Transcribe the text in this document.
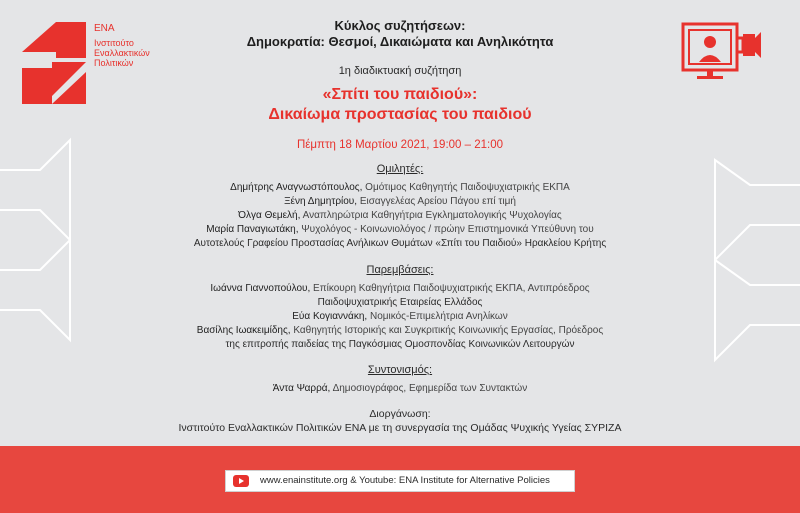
ΕΝΑ
Ινστιτούτο
Εναλλακτικών
Πολιτικών
Κύκλος συζητήσεων:
Δημοκρατία: Θεσμοί, Δικαιώματα και Ανηλικότητα
1η διαδικτυακή συζήτηση
«Σπίτι του παιδιού»:
Δικαίωμα προστασίας του παιδιού
Πέμπτη 18 Μαρτίου 2021, 19:00 – 21:00
Ομιλητές:
Δημήτρης Αναγνωστόπουλος, Ομότιμος Καθηγητής Παιδοψυχιατρικής ΕΚΠΑ
Ξένη Δημητρίου, Εισαγγελέας Αρείου Πάγου επί τιμή
Όλγα Θεμελή, Αναπληρώτρια Καθηγήτρια Εγκληματολογικής Ψυχολογίας
Μαρία Παναγιωτάκη, Ψυχολόγος - Κοινωνιολόγος / πρώην Επιστημονικά Υπεύθυνη του
Αυτοτελούς Γραφείου Προστασίας Ανήλικων Θυμάτων «Σπίτι του Παιδιού» Ηρακλείου Κρήτης
Παρεμβάσεις:
Ιωάννα Γιαννοπούλου, Επίκουρη Καθηγήτρια Παιδοψυχιατρικής ΕΚΠΑ, Αντιπρόεδρος
Παιδοψυχιατρικής Εταιρείας Ελλάδος
Εύα Κογιαννάκη, Νομικός-Επιμελήτρια Ανηλίκων
Βασίλης Ιωακειμίδης, Καθηγητής Ιστορικής και Συγκριτικής Κοινωνικής Εργασίας, Πρόεδρος
της επιτροπής παιδείας της Παγκόσμιας Ομοσπονδίας Κοινωνικών Λειτουργών
Συντονισμός:
Άντα Ψαρρά, Δημοσιογράφος, Εφημερίδα των Συντακτών
Διοργάνωση:
Ινστιτούτο Εναλλακτικών Πολιτικών ΕΝΑ με τη συνεργασία της Ομάδας Ψυχικής Υγείας ΣΥΡΙΖΑ
www.enainstitute.org & Youtube: ENA Institute for Alternative Policies
